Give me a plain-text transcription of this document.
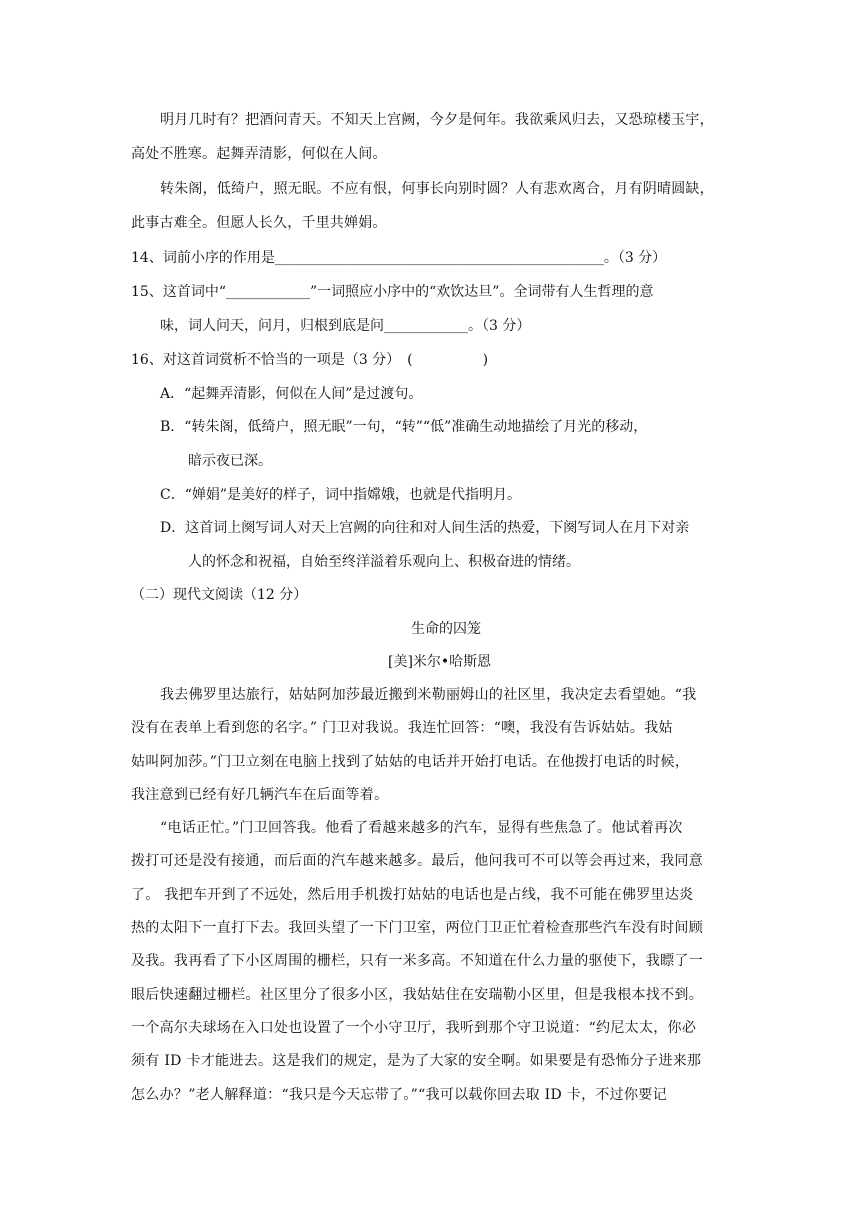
明月几时有？把酒问青天。不知天上宫阙，今夕是何年。我欲乘风归去，又恐琼楼玉宇，
高处不胜寒。起舞弄清影，何似在人间。
转朱阁，低绮户，照无眠。不应有恨，何事长向别时圆？人有悲欢离合，月有阴晴圆缺，
此事古难全。但愿人长久，千里共婵娟。
14、词前小序的作用是_______________________________________________。（3 分）
15、这首词中“____________”一词照应小序中的“欢饮达旦”。全词带有人生哲理的意
味，词人问天，问月，归根到底是问____________。（3 分）
16、对这首词赏析不恰当的一项是（3 分）　(　　　　　)
A．“起舞弄清影，何似在人间”是过渡句。
B．“转朱阁，低绮户，照无眠”一句，“转”“低”准确生动地描绘了月光的移动，
暗示夜已深。
C．“婵娟”是美好的样子，词中指嫦娥，也就是代指明月。
D．这首词上阕写词人对天上宫阙的向往和对人间生活的热爱，下阕写词人在月下对亲
人的怀念和祝福，自始至终洋溢着乐观向上、积极奋进的情绪。
（二）现代文阅读（12 分）
生命的囚笼
[美]米尔•哈斯恩
我去佛罗里达旅行，姑姑阿加莎最近搬到米勒丽姆山的社区里，我决定去看望她。“我
没有在表单上看到您的名字。” 门卫对我说。我连忙回答：“噢，我没有告诉姑姑。我姑
姑叫阿加莎。”门卫立刻在电脑上找到了姑姑的电话并开始打电话。在他拨打电话的时候，
我注意到已经有好几辆汽车在后面等着。
“电话正忙。”门卫回答我。他看了看越来越多的汽车，显得有些焦急了。他试着再次
拨打可还是没有接通，而后面的汽车越来越多。最后，他问我可不可以等会再过来，我同意
了。 我把车开到了不远处，然后用手机拨打姑姑的电话也是占线，我不可能在佛罗里达炎
热的太阳下一直打下去。我回头望了一下门卫室，两位门卫正忙着检查那些汽车没有时间顾
及我。我再看了下小区周围的栅栏，只有一米多高。不知道在什么力量的驱使下，我瞟了一
眼后快速翻过栅栏。社区里分了很多小区，我姑姑住在安瑞勒小区里，但是我根本找不到。
一个高尔夫球场在入口处也设置了一个小守卫厅，我听到那个守卫说道：“约尼太太，你必
须有 ID 卡才能进去。这是我们的规定，是为了大家的安全啊。如果要是有恐怖分子进来那
怎么办？”老人解释道：“我只是今天忘带了。”“我可以载你回去取 ID 卡，不过你要记
